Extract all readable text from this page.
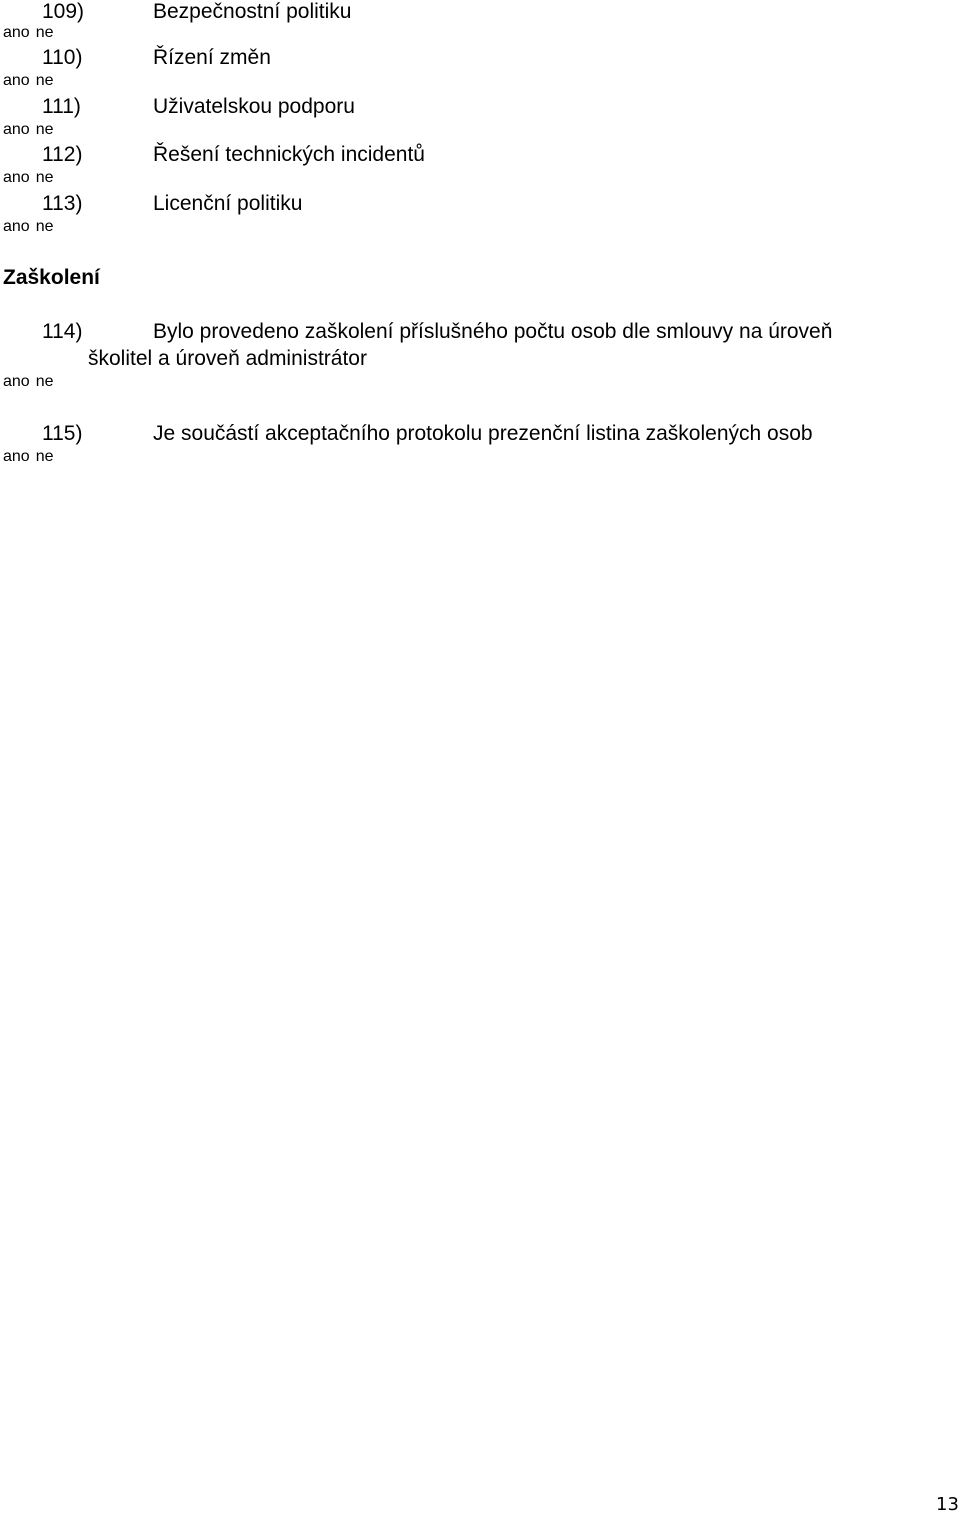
109)	Bezpečnostní politiku
ano ne
110)	Řízení změn
ano ne
111)	Uživatelskou podporu
ano ne
112)	Řešení technických incidentů
ano ne
113)	Licenční politiku
ano ne
Zaškolení
114)	Bylo provedeno zaškolení příslušného počtu osob dle smlouvy na úroveň
školitel a úroveň administrátor
ano ne
115)	Je součástí akceptačního protokolu prezenční listina zaškolených osob
ano ne
13
